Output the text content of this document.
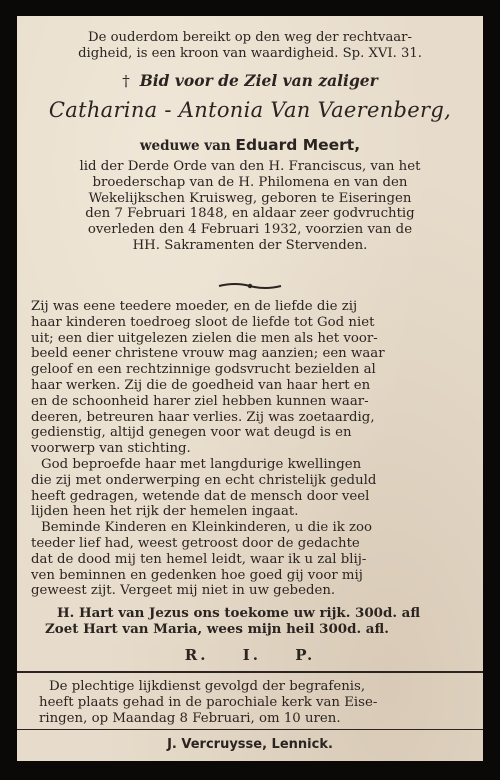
De ouderdom bereikt op den weg der rechtvaar-
digheid, is een kroon van waardigheid. Sp. XVI. 31.
† Bid voor de Ziel van zaliger
Catharina - Antonia Van Vaerenberg,
weduwe van Eduard Meert,
lid der Derde Orde van den H. Franciscus, van het
broederschap van de H. Philomena en van den
Wekelijkschen Kruisweg, geboren te Eiseringen
den 7 Februari 1848, en aldaar zeer godvruchtig
overleden den 4 Februari 1932, voorzien van de
HH. Sakramenten der Stervenden.
Zij was eene teedere moeder, en de liefde die zij
haar kinderen toedroeg sloot de liefde tot God niet
uit; een dier uitgelezen zielen die men als het voor-
beeld eener christene vrouw mag aanzien; een waar
geloof en een rechtzinnige godsvrucht bezielden al
haar werken. Zij die de goedheid van haar hert en
en de schoonheid harer ziel hebben kunnen waar-
deeren, betreuren haar verlies. Zij was zoetaardig,
gedienstig, altijd genegen voor wat deugd is en
voorwerp van stichting.
God beproefde haar met langdurige kwellingen
die zij met onderwerping en echt christelijk geduld
heeft gedragen, wetende dat de mensch door veel
lijden heen het rijk der hemelen ingaat.
Beminde Kinderen en Kleinkinderen, u die ik zoo
teeder lief had, weest getroost door de gedachte
dat de dood mij ten hemel leidt, waar ik u zal blij-
ven beminnen en gedenken hoe goed gij voor mij
geweest zijt. Vergeet mij niet in uw gebeden.
H. Hart van Jezus ons toekome uw rijk. 300d. afl
Zoet Hart van Maria, wees mijn heil 300d. afl.
R. I. P.
De plechtige lijkdienst gevolgd der begrafenis,
heeft plaats gehad in de parochiale kerk van Eise-
ringen, op Maandag 8 Februari, om 10 uren.
J. Vercruysse, Lennick.
